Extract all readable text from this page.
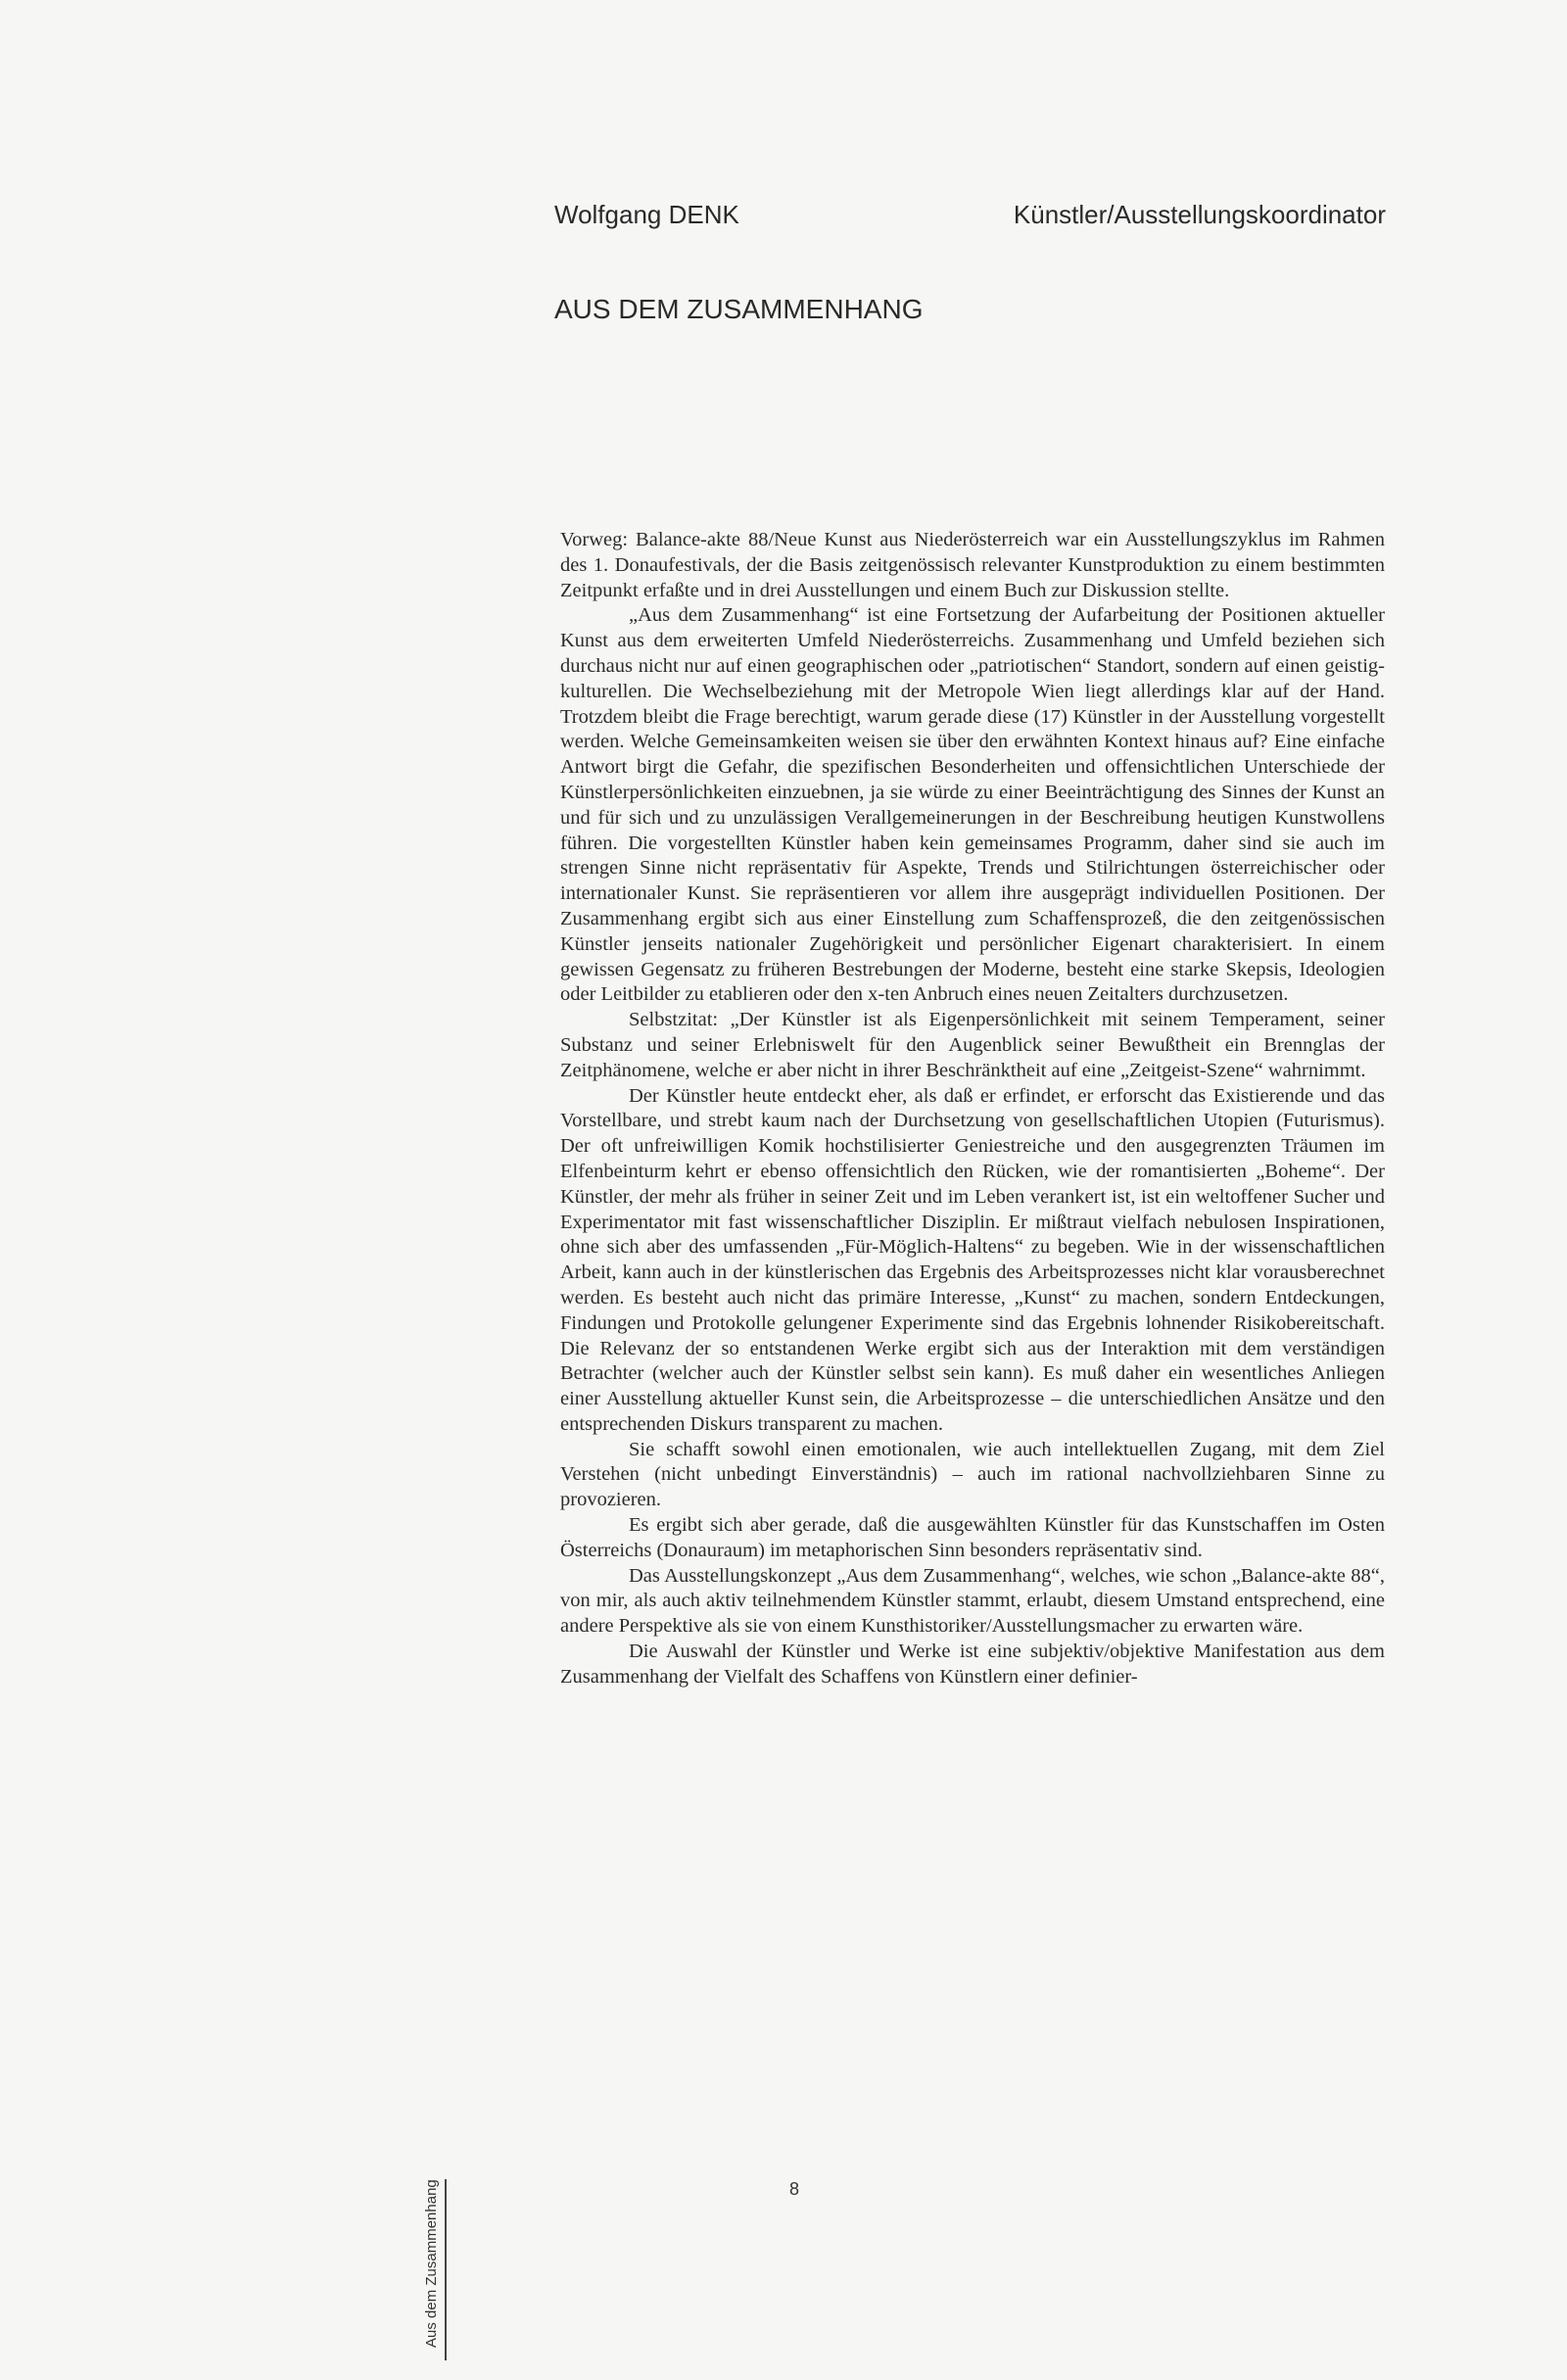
Wolfgang DENK	Künstler/Ausstellungskoordinator
AUS DEM ZUSAMMENHANG

Vorweg: Balance-akte 88/Neue Kunst aus Niederösterreich war ein Ausstellungszyklus im Rahmen des 1. Donaufestivals, der die Basis zeitgenössisch relevanter Kunstproduktion zu einem bestimmten Zeitpunkt erfaßte und in drei Ausstellungen und einem Buch zur Diskussion stellte.

„Aus dem Zusammenhang“ ist eine Fortsetzung der Aufarbeitung der Positionen aktueller Kunst aus dem erweiterten Umfeld Niederösterreichs. Zusammenhang und Umfeld beziehen sich durchaus nicht nur auf einen geographischen oder „patriotischen“ Standort, sondern auf einen geistig-kulturellen. Die Wechselbeziehung mit der Metropole Wien liegt allerdings klar auf der Hand. Trotzdem bleibt die Frage berechtigt, warum gerade diese (17) Künstler in der Ausstellung vorgestellt werden. Welche Gemeinsamkeiten weisen sie über den erwähnten Kontext hinaus auf? Eine einfache Antwort birgt die Gefahr, die spezifischen Besonderheiten und offensichtlichen Unterschiede der Künstlerpersönlichkeiten einzuebnen, ja sie würde zu einer Beeinträchtigung des Sinnes der Kunst an und für sich und zu unzulässigen Verallgemeinerungen in der Beschreibung heutigen Kunstwollens führen. Die vorgestellten Künstler haben kein gemeinsames Programm, daher sind sie auch im strengen Sinne nicht repräsentativ für Aspekte, Trends und Stilrichtungen österreichischer oder internationaler Kunst. Sie repräsentieren vor allem ihre ausgeprägt individuellen Positionen. Der Zusammenhang ergibt sich aus einer Einstellung zum Schaffensprozeß, die den zeitgenössischen Künstler jenseits nationaler Zugehörigkeit und persönlicher Eigenart charakterisiert. In einem gewissen Gegensatz zu früheren Bestrebungen der Moderne, besteht eine starke Skepsis, Ideologien oder Leitbilder zu etablieren oder den x-ten Anbruch eines neuen Zeitalters durchzusetzen.

Selbstzitat: „Der Künstler ist als Eigenpersönlichkeit mit seinem Temperament, seiner Substanz und seiner Erlebniswelt für den Augenblick seiner Bewußtheit ein Brennglas der Zeitphänomene, welche er aber nicht in ihrer Beschränktheit auf eine „Zeitgeist-Szene“ wahrnimmt.

Der Künstler heute entdeckt eher, als daß er erfindet, er erforscht das Existierende und das Vorstellbare, und strebt kaum nach der Durchsetzung von gesellschaftlichen Utopien (Futurismus). Der oft unfreiwilligen Komik hochstilisierter Geniestreiche und den ausgegrenzten Träumen im Elfenbeinturm kehrt er ebenso offensichtlich den Rücken, wie der romantisierten „Boheme“. Der Künstler, der mehr als früher in seiner Zeit und im Leben verankert ist, ist ein weltoffener Sucher und Experimentator mit fast wissenschaftlicher Disziplin. Er mißtraut vielfach nebulosen Inspirationen, ohne sich aber des umfassenden „Für-Möglich-Haltens“ zu begeben. Wie in der wissenschaftlichen Arbeit, kann auch in der künstlerischen das Ergebnis des Arbeitsprozesses nicht klar vorausberechnet werden. Es besteht auch nicht das primäre Interesse, „Kunst“ zu machen, sondern Entdeckungen, Findungen und Protokolle gelungener Experimente sind das Ergebnis lohnender Risikobereitschaft. Die Relevanz der so entstandenen Werke ergibt sich aus der Interaktion mit dem verständigen Betrachter (welcher auch der Künstler selbst sein kann). Es muß daher ein wesentliches Anliegen einer Ausstellung aktueller Kunst sein, die Arbeitsprozesse – die unterschiedlichen Ansätze und den entsprechenden Diskurs transparent zu machen.

Sie schafft sowohl einen emotionalen, wie auch intellektuellen Zugang, mit dem Ziel Verstehen (nicht unbedingt Einverständnis) – auch im rational nachvollziehbaren Sinne zu provozieren.

Es ergibt sich aber gerade, daß die ausgewählten Künstler für das Kunstschaffen im Osten Österreichs (Donauraum) im metaphorischen Sinn besonders repräsentativ sind.

Das Ausstellungskonzept „Aus dem Zusammenhang“, welches, wie schon „Balance-akte 88“, von mir, als auch aktiv teilnehmendem Künstler stammt, erlaubt, diesem Umstand entsprechend, eine andere Perspektive als sie von einem Kunsthistoriker/Ausstellungsmacher zu erwarten wäre.

Die Auswahl der Künstler und Werke ist eine subjektiv/objektive Manifestation aus dem Zusammenhang der Vielfalt des Schaffens von Künstlern einer definier-

8
Aus dem Zusammenhang
